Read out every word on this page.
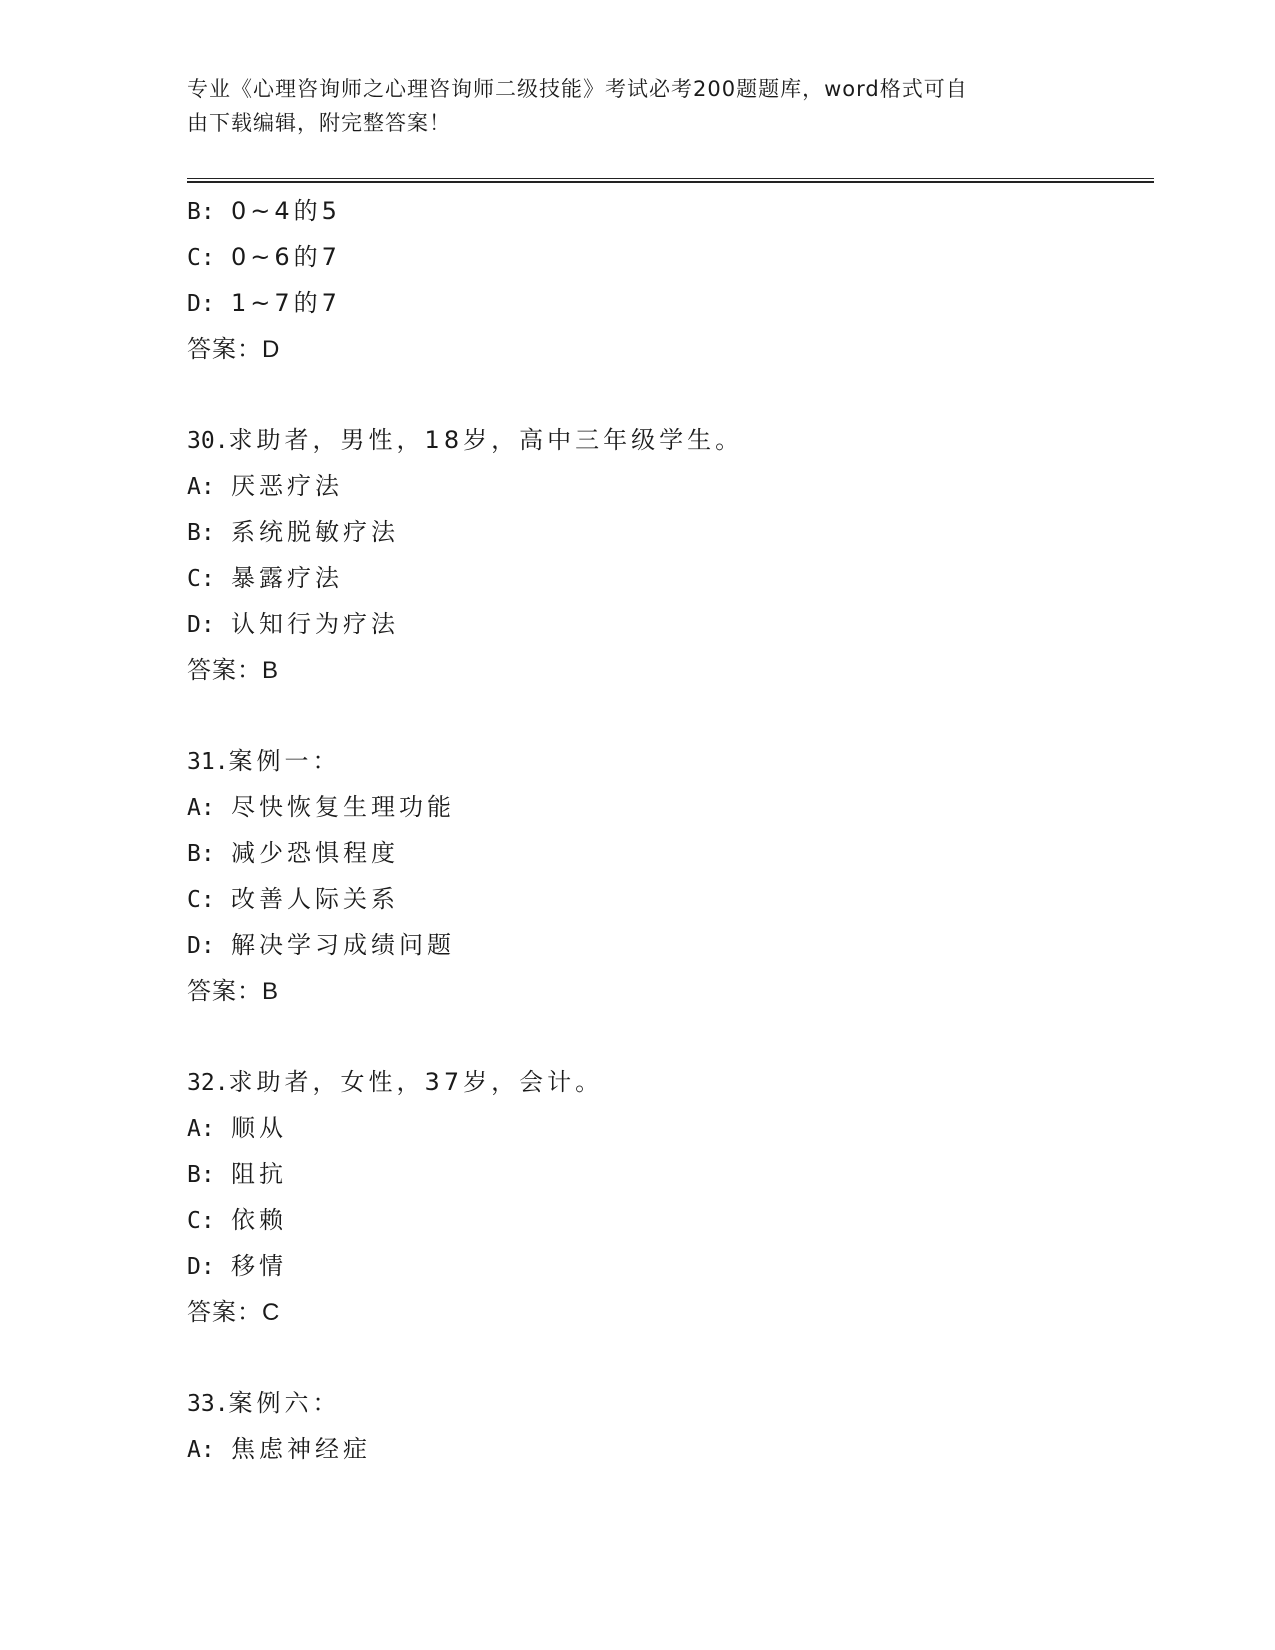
专业《心理咨询师之心理咨询师二级技能》考试必考200题题库，word格式可自
由下载编辑，附完整答案！
B: 0~4的5
C: 0~6的7
D: 1~7的7
答案：D
30.求助者，男性，18岁，高中三年级学生。
A: 厌恶疗法
B: 系统脱敏疗法
C: 暴露疗法
D: 认知行为疗法
答案：B
31.案例一：
A: 尽快恢复生理功能
B: 减少恐惧程度
C: 改善人际关系
D: 解决学习成绩问题
答案：B
32.求助者，女性，37岁，会计。
A: 顺从
B: 阻抗
C: 依赖
D: 移情
答案：C
33.案例六：
A: 焦虑神经症
